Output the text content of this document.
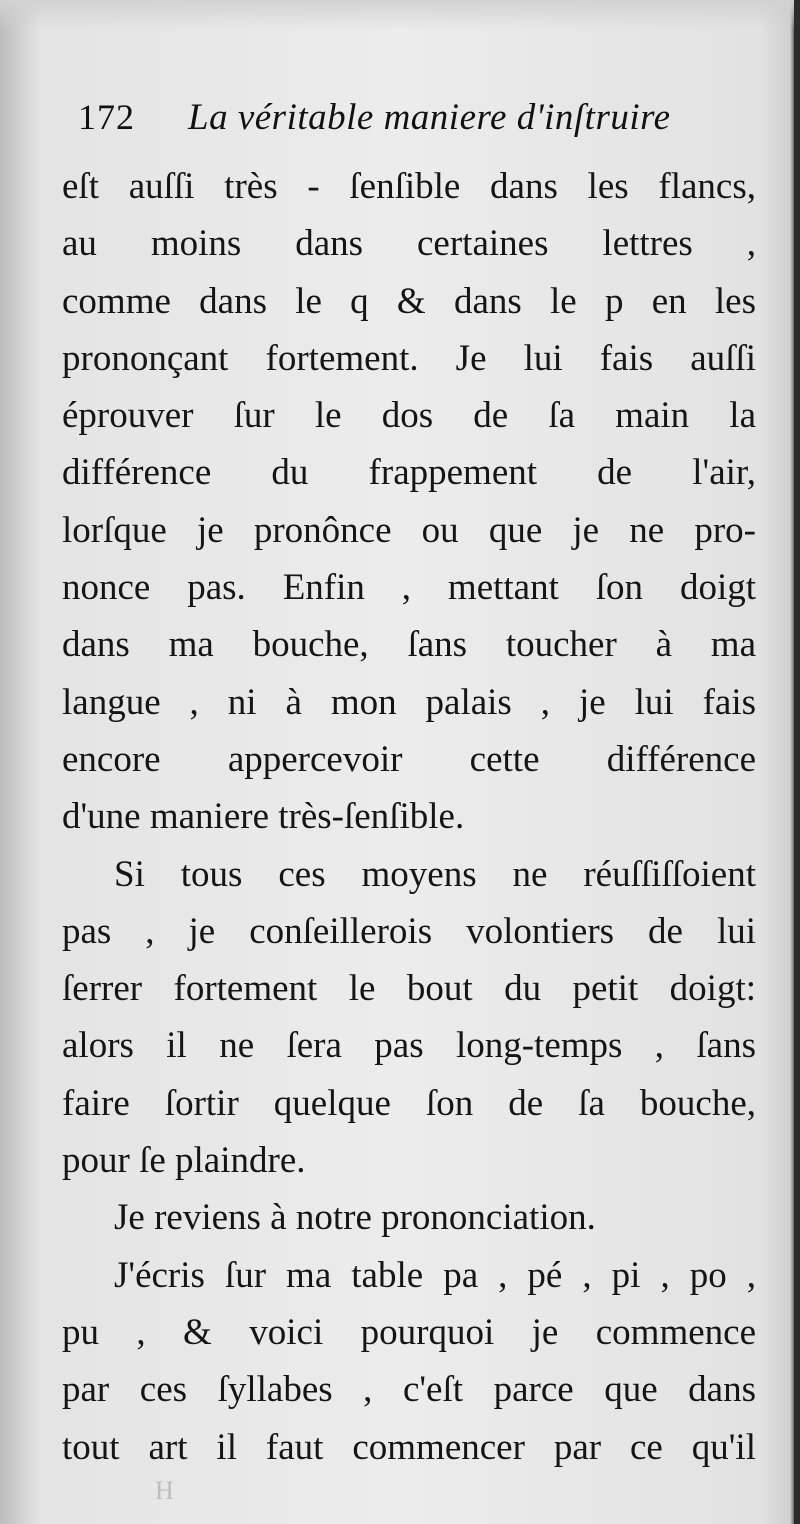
172 La véritable maniere d'inſtruire
eſt auſſi très - ſenſible dans les flancs,
au moins dans certaines lettres ,
comme dans le q & dans le p en les
prononçant fortement. Je lui fais auſſi
éprouver ſur le dos de ſa main la
différence du frappement de l'air,
lorſque je pronônce ou que je ne pro-
nonce pas. Enfin , mettant ſon doigt
dans ma bouche, ſans toucher à ma
langue , ni à mon palais , je lui fais
encore appercevoir cette différence
d'une maniere très-ſenſible.
Si tous ces moyens ne réuſſiſſoient
pas , je conſeillerois volontiers de lui
ſerrer fortement le bout du petit doigt:
alors il ne ſera pas long-temps , ſans
faire ſortir quelque ſon de ſa bouche,
pour ſe plaindre.
Je reviens à notre prononciation.
J'écris ſur ma table pa , pé , pi , po ,
pu , & voici pourquoi je commence
par ces ſyllabes , c'eſt parce que dans
tout art il faut commencer par ce qu'il
H
